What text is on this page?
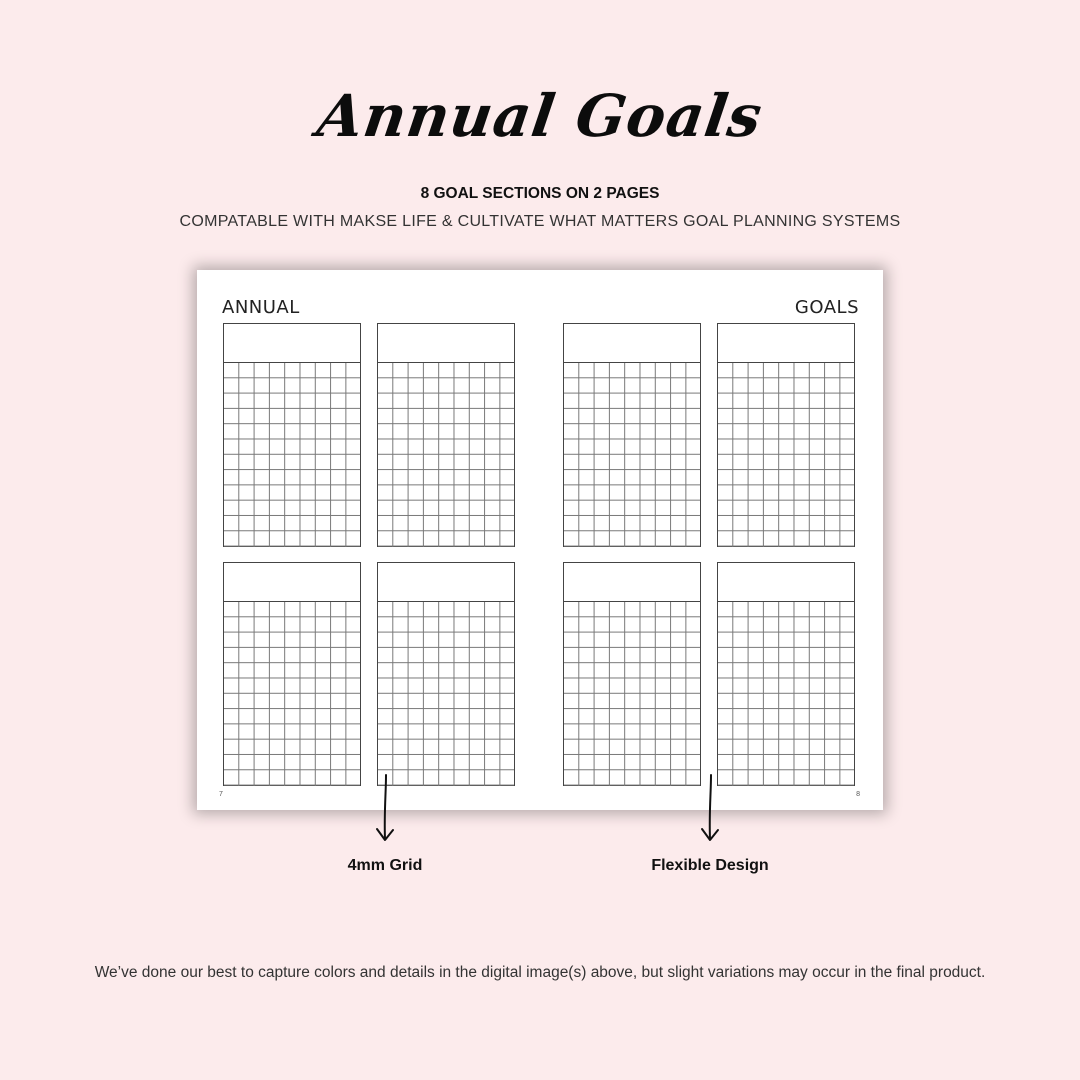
Annual Goals
8 GOAL SECTIONS ON 2 PAGES
COMPATABLE WITH MAKSE LIFE & CULTIVATE WHAT MATTERS GOAL PLANNING SYSTEMS
ANNUAL	GOALS
7	8
4mm Grid	Flexible Design
We’ve done our best to capture colors and details in the digital image(s) above, but slight variations may occur in the final product.
